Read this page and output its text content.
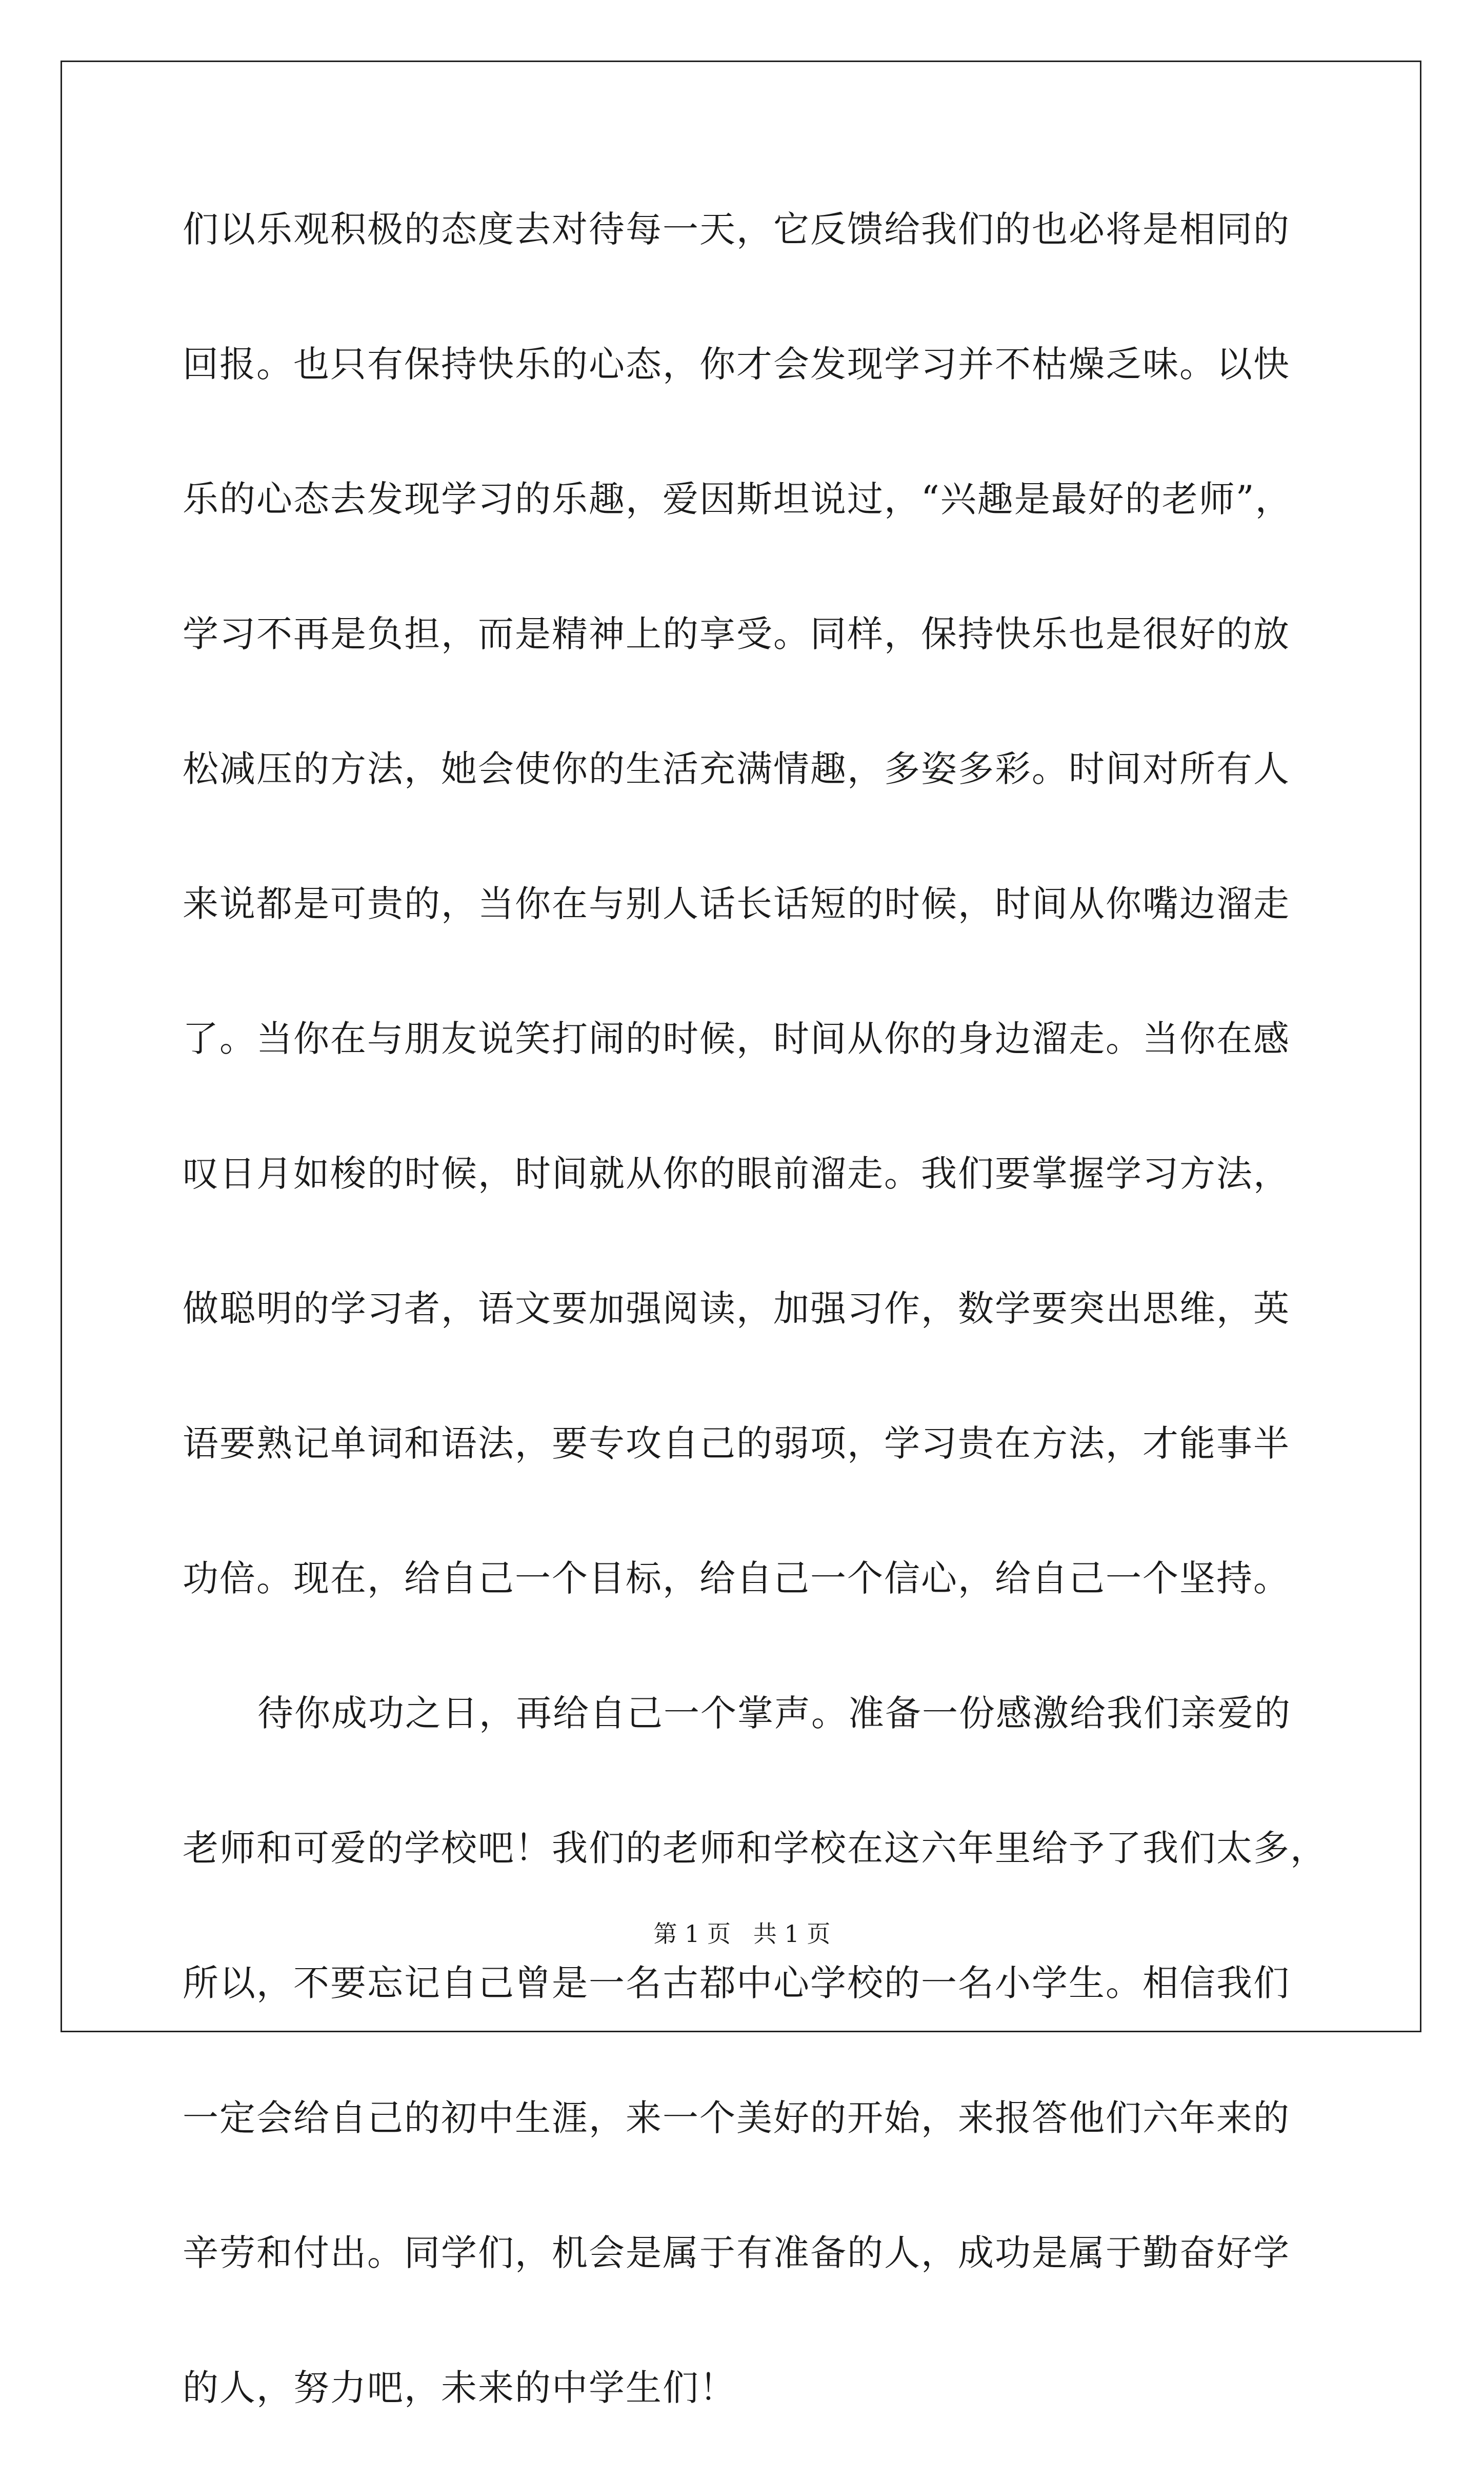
们以乐观积极的态度去对待每一天，它反馈给我们的也必将是相同的
回报。也只有保持快乐的心态，你才会发现学习并不枯燥乏味。以快
乐的心态去发现学习的乐趣，爱因斯坦说过，“兴趣是最好的老师”，
学习不再是负担，而是精神上的享受。同样，保持快乐也是很好的放
松减压的方法，她会使你的生活充满情趣，多姿多彩。时间对所有人
来说都是可贵的，当你在与别人话长话短的时候，时间从你嘴边溜走
了。当你在与朋友说笑打闹的时候，时间从你的身边溜走。当你在感
叹日月如梭的时候，时间就从你的眼前溜走。我们要掌握学习方法，
做聪明的学习者，语文要加强阅读，加强习作，数学要突出思维，英
语要熟记单词和语法，要专攻自己的弱项，学习贵在方法，才能事半
功倍。现在，给自己一个目标，给自己一个信心，给自己一个坚持。
待你成功之日，再给自己一个掌声。准备一份感激给我们亲爱的
老师和可爱的学校吧！我们的老师和学校在这六年里给予了我们太多，
所以，不要忘记自己曾是一名古鄀中心学校的一名小学生。相信我们
一定会给自己的初中生涯，来一个美好的开始，来报答他们六年来的
辛劳和付出。同学们，机会是属于有准备的人，成功是属于勤奋好学
的人，努力吧，未来的中学生们！
第 1 页   共 1 页
